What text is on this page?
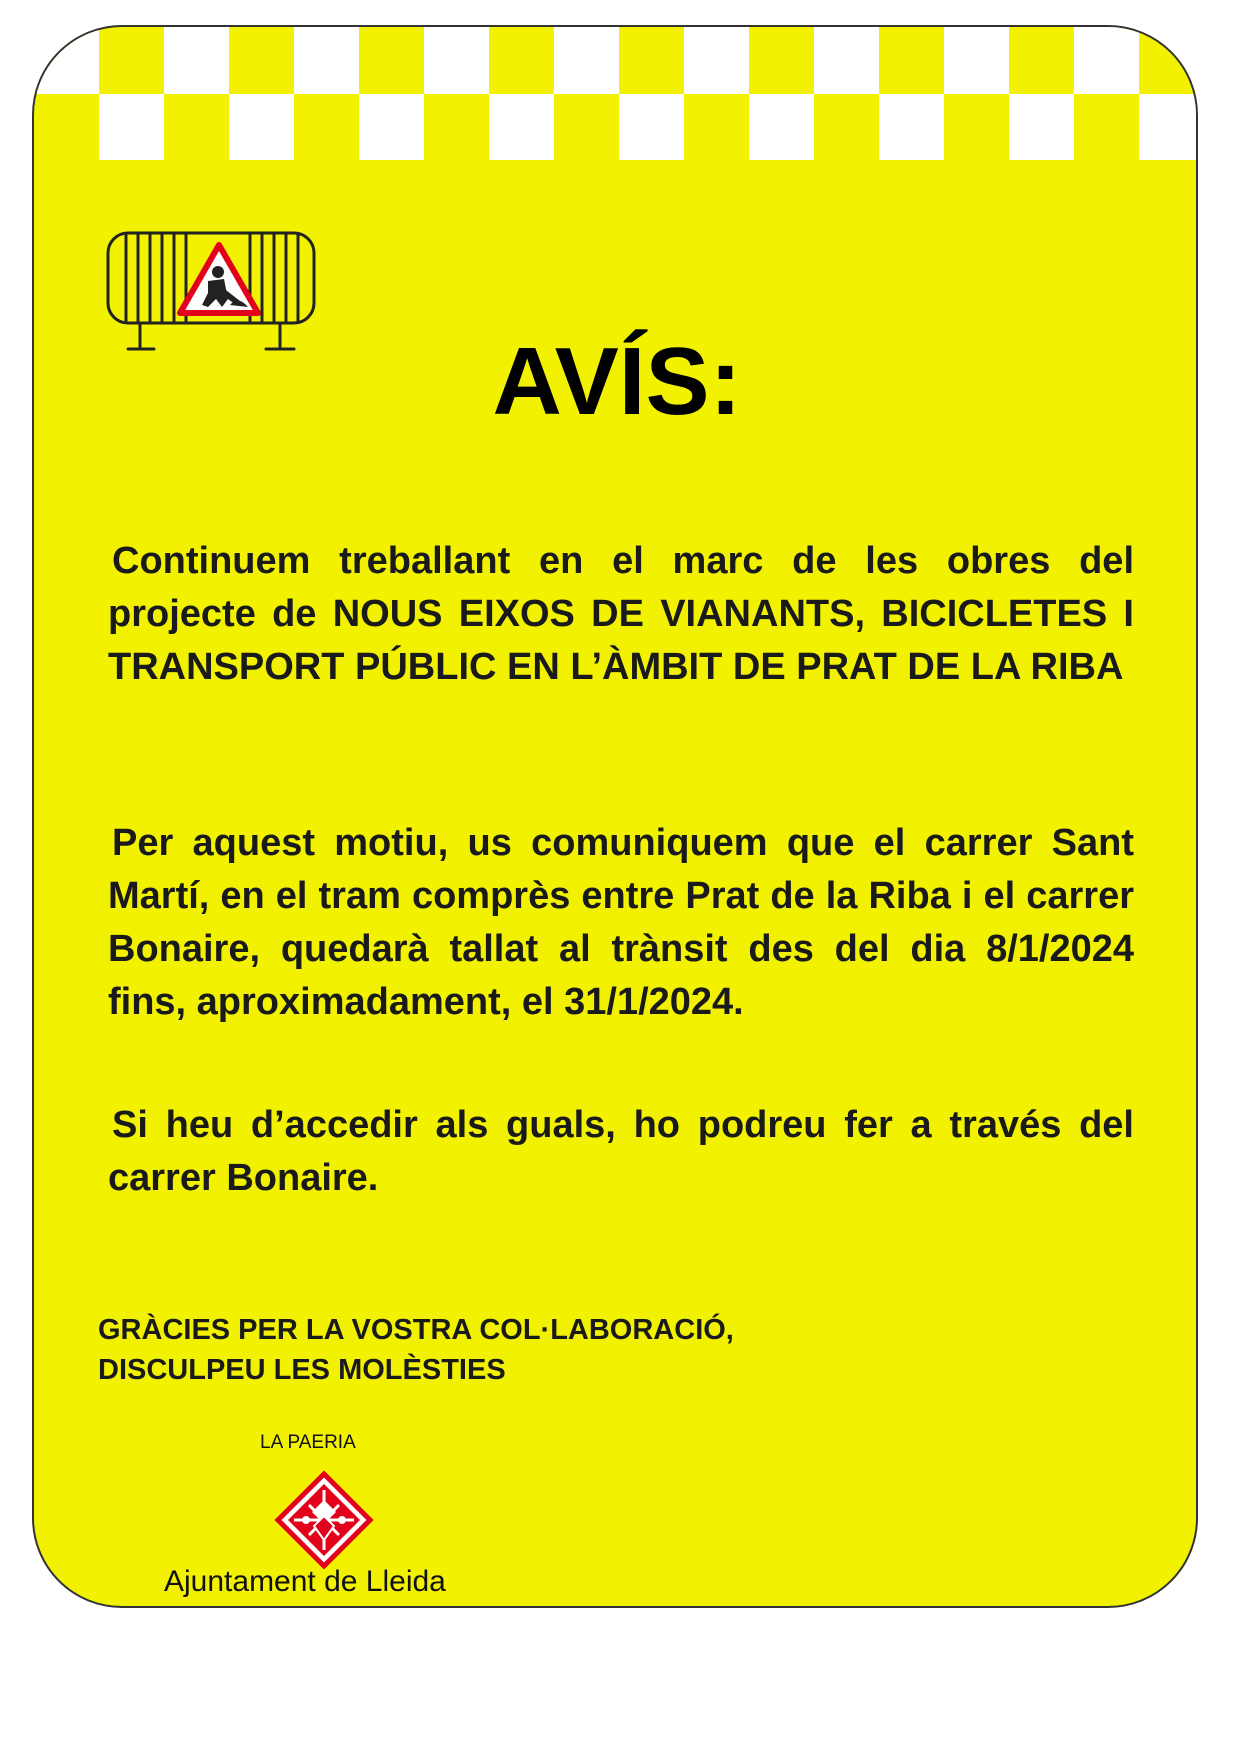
AVÍS:

Continuem treballant en el marc de les obres del projecte de NOUS EIXOS DE VIANANTS, BICICLETES I TRANSPORT PÚBLIC EN L’ÀMBIT DE PRAT DE LA RIBA

Per aquest motiu, us comuniquem que el carrer Sant Martí, en el tram comprès entre Prat de la Riba i el carrer Bonaire, quedarà tallat al trànsit des del dia 8/1/2024 fins, aproximadament, el 31/1/2024.

Si heu d’accedir als guals, ho podreu fer a través del carrer Bonaire.

GRÀCIES PER LA VOSTRA COL·LABORACIÓ,
DISCULPEU LES MOLÈSTIES

LA PAERIA
Ajuntament de Lleida
